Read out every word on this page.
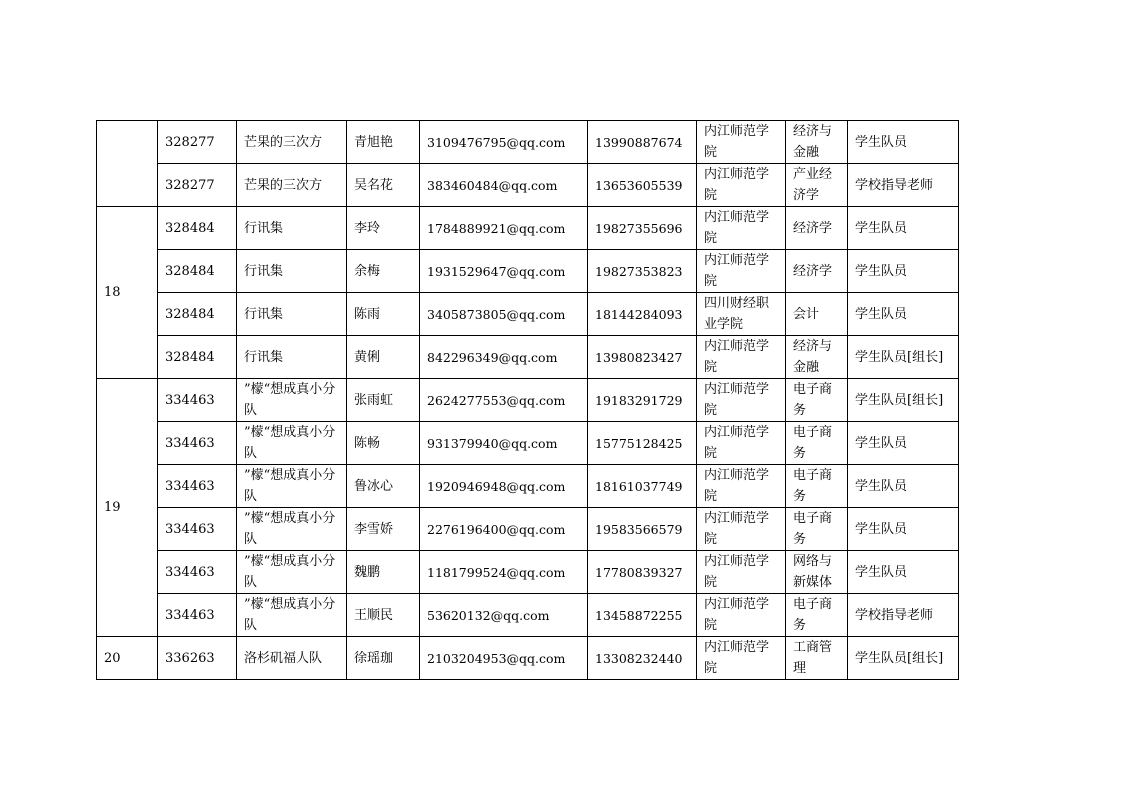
	328277	芒果的三次方	青旭艳	3109476795@qq.com	13990887674	内江师范学院	经济与金融	学生队员
	328277	芒果的三次方	吴名花	383460484@qq.com	13653605539	内江师范学院	产业经济学	学校指导老师
18	328484	行讯集	李玲	1784889921@qq.com	19827355696	内江师范学院	经济学	学生队员
	328484	行讯集	余梅	1931529647@qq.com	19827353823	内江师范学院	经济学	学生队员
	328484	行讯集	陈雨	3405873805@qq.com	18144284093	四川财经职业学院	会计	学生队员
	328484	行讯集	黄俐	842296349@qq.com	13980823427	内江师范学院	经济与金融	学生队员[组长]
19	334463	”檬“想成真小分队	张雨虹	2624277553@qq.com	19183291729	内江师范学院	电子商务	学生队员[组长]
	334463	”檬“想成真小分队	陈畅	931379940@qq.com	15775128425	内江师范学院	电子商务	学生队员
	334463	”檬“想成真小分队	鲁冰心	1920946948@qq.com	18161037749	内江师范学院	电子商务	学生队员
	334463	”檬“想成真小分队	李雪娇	2276196400@qq.com	19583566579	内江师范学院	电子商务	学生队员
	334463	”檬“想成真小分队	魏鹏	1181799524@qq.com	17780839327	内江师范学院	网络与新媒体	学生队员
	334463	”檬“想成真小分队	王顺民	53620132@qq.com	13458872255	内江师范学院	电子商务	学校指导老师
20	336263	洛杉矶福人队	徐瑶珈	2103204953@qq.com	13308232440	内江师范学院	工商管理	学生队员[组长]
